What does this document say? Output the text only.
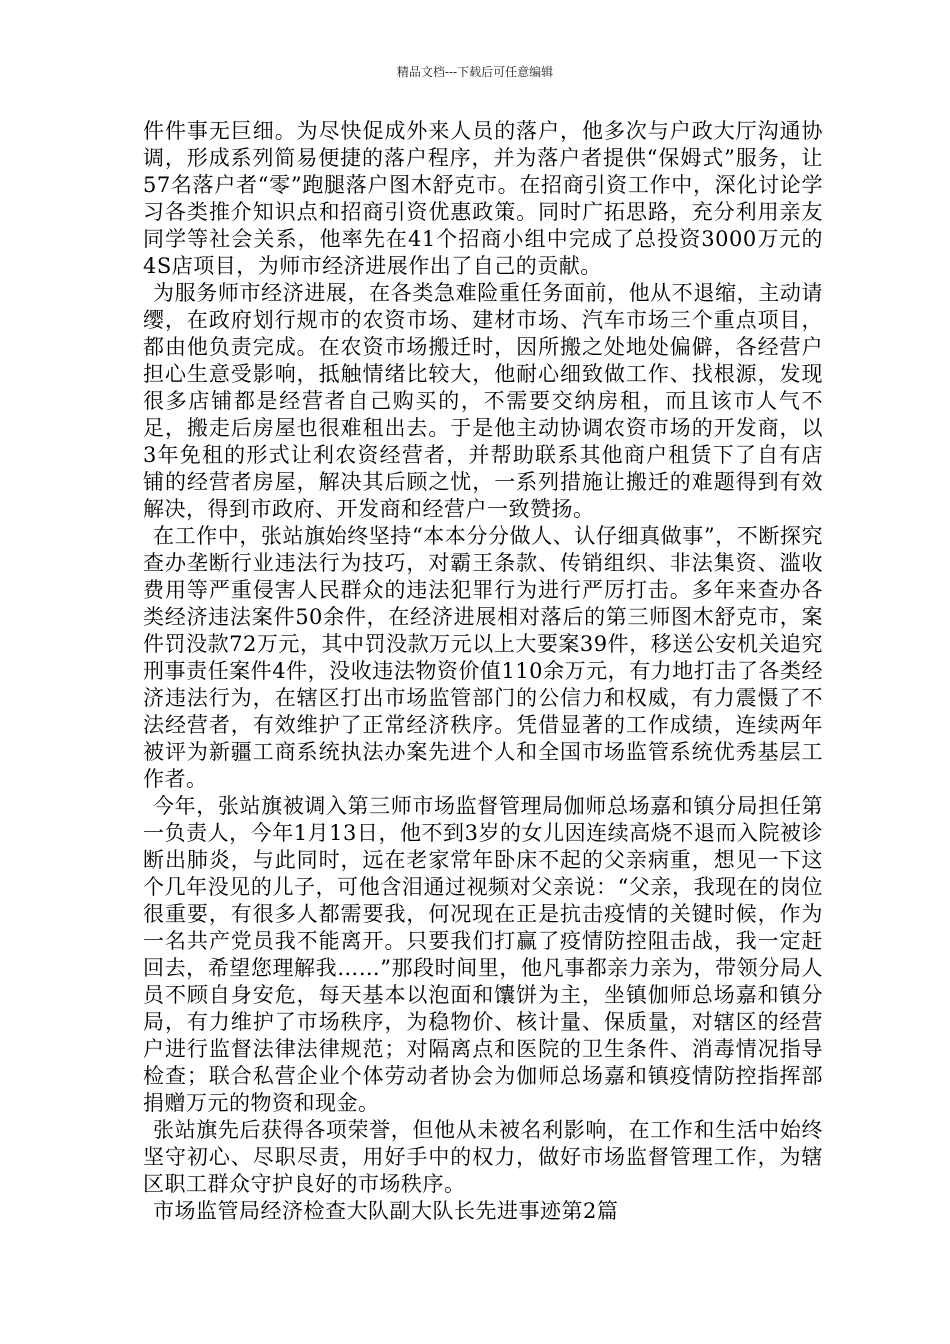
精品文档---下载后可任意编辑

件件事无巨细。为尽快促成外来人员的落户，他多次与户政大厅沟通协调，形成系列简易便捷的落户程序，并为落户者提供“保姆式”服务，让57名落户者“零”跑腿落户图木舒克市。在招商引资工作中，深化讨论学习各类推介知识点和招商引资优惠政策。同时广拓思路，充分利用亲友同学等社会关系，他率先在41个招商小组中完成了总投资3000万元的4S店项目，为师市经济进展作出了自己的贡献。

为服务师市经济进展，在各类急难险重任务面前，他从不退缩，主动请缨，在政府划行规市的农资市场、建材市场、汽车市场三个重点项目，都由他负责完成。在农资市场搬迁时，因所搬之处地处偏僻，各经营户担心生意受影响，抵触情绪比较大，他耐心细致做工作、找根源，发现很多店铺都是经营者自己购买的，不需要交纳房租，而且该市人气不足，搬走后房屋也很难租出去。于是他主动协调农资市场的开发商，以3年免租的形式让利农资经营者，并帮助联系其他商户租赁下了自有店铺的经营者房屋，解决其后顾之忧，一系列措施让搬迁的难题得到有效解决，得到市政府、开发商和经营户一致赞扬。

在工作中，张站旗始终坚持“本本分分做人、认仔细真做事”，不断探究查办垄断行业违法行为技巧，对霸王条款、传销组织、非法集资、滥收费用等严重侵害人民群众的违法犯罪行为进行严厉打击。多年来查办各类经济违法案件50余件，在经济进展相对落后的第三师图木舒克市，案件罚没款72万元，其中罚没款万元以上大要案39件，移送公安机关追究刑事责任案件4件，没收违法物资价值110余万元，有力地打击了各类经济违法行为，在辖区打出市场监管部门的公信力和权威，有力震慑了不法经营者，有效维护了正常经济秩序。凭借显著的工作成绩，连续两年被评为新疆工商系统执法办案先进个人和全国市场监管系统优秀基层工作者。

今年，张站旗被调入第三师市场监督管理局伽师总场嘉和镇分局担任第一负责人，今年1月13日，他不到3岁的女儿因连续高烧不退而入院被诊断出肺炎，与此同时，远在老家常年卧床不起的父亲病重，想见一下这个几年没见的儿子，可他含泪通过视频对父亲说：“父亲，我现在的岗位很重要，有很多人都需要我，何况现在正是抗击疫情的关键时候，作为一名共产党员我不能离开。只要我们打赢了疫情防控阻击战，我一定赶回去，希望您理解我……”那段时间里，他凡事都亲力亲为，带领分局人员不顾自身安危，每天基本以泡面和馕饼为主，坐镇伽师总场嘉和镇分局，有力维护了市场秩序，为稳物价、核计量、保质量，对辖区的经营户进行监督法律法律规范；对隔离点和医院的卫生条件、消毒情况指导检查；联合私营企业个体劳动者协会为伽师总场嘉和镇疫情防控指挥部捐赠万元的物资和现金。

张站旗先后获得各项荣誉，但他从未被名利影响，在工作和生活中始终坚守初心、尽职尽责，用好手中的权力，做好市场监督管理工作，为辖区职工群众守护良好的市场秩序。

市场监管局经济检查大队副大队长先进事迹第2篇
